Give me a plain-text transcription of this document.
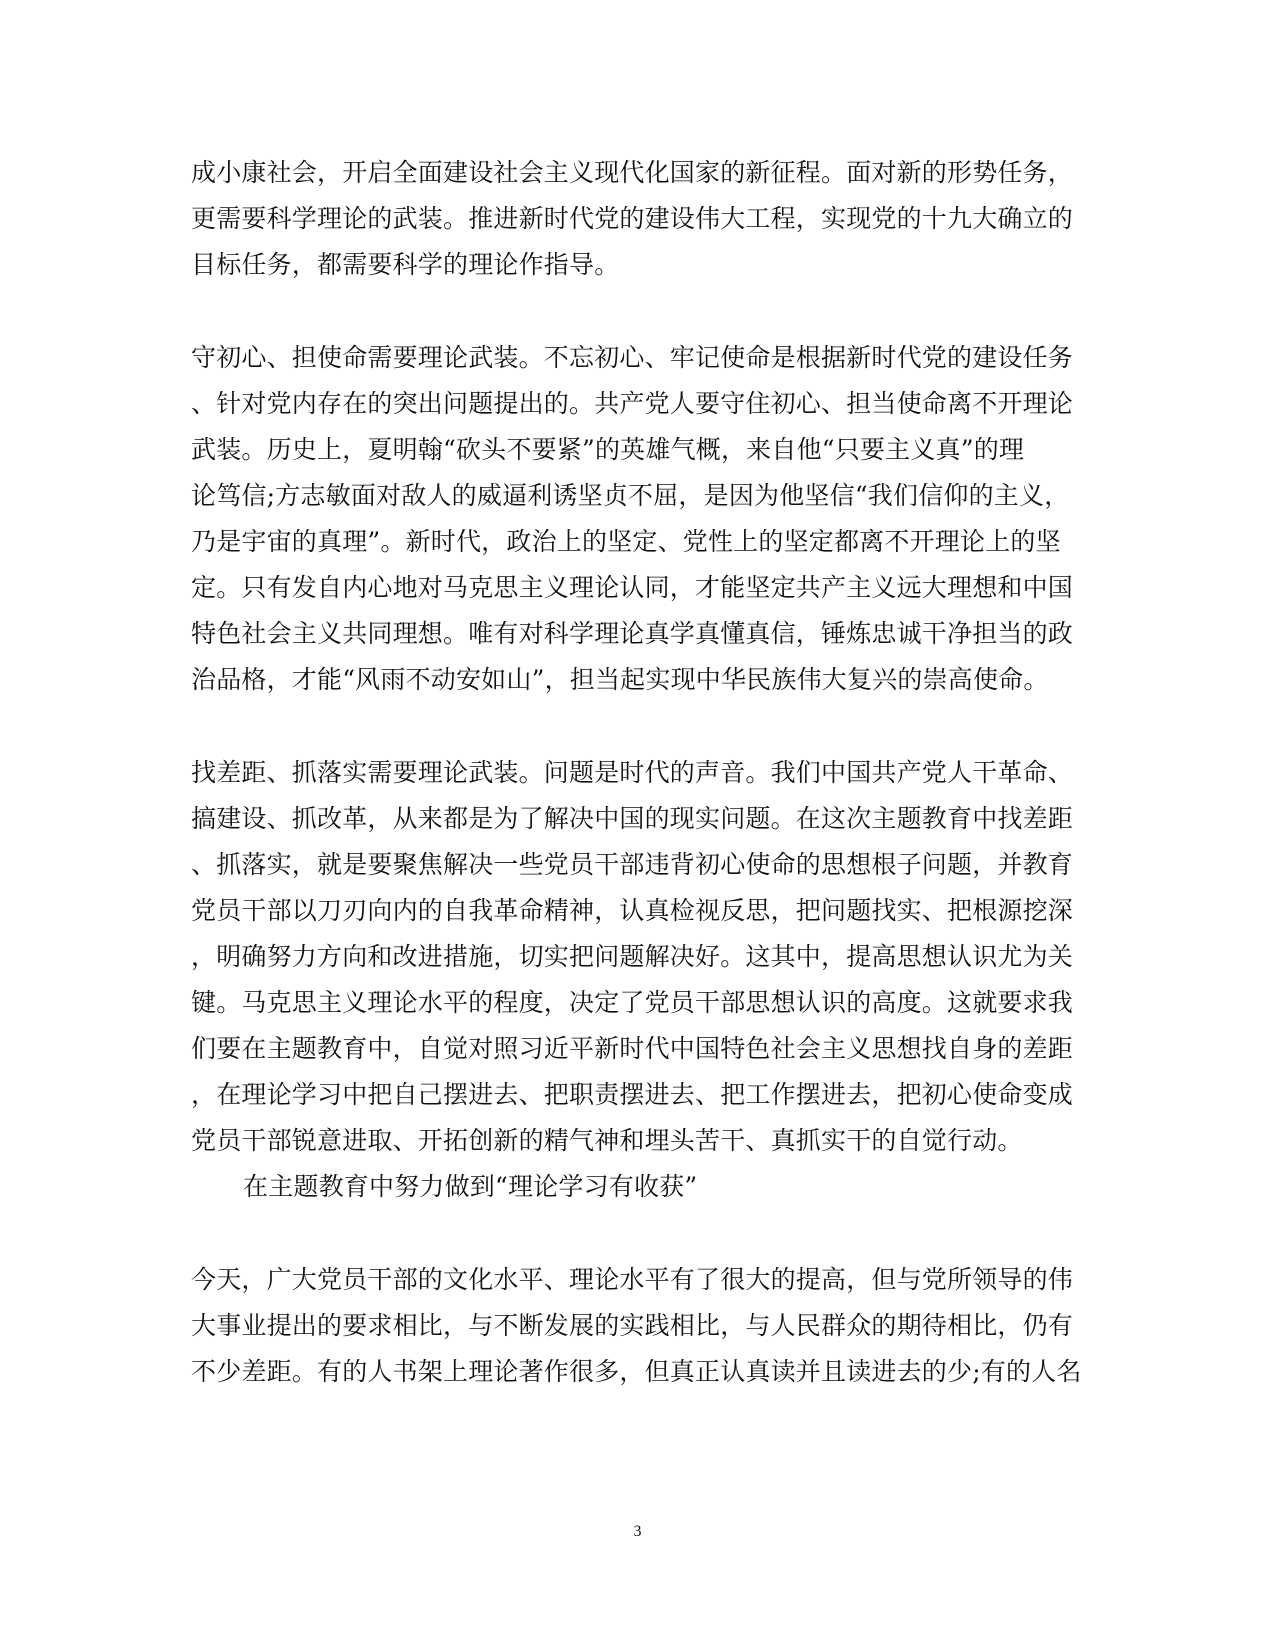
成小康社会，开启全面建设社会主义现代化国家的新征程。面对新的形势任务，
更需要科学理论的武装。推进新时代党的建设伟大工程，实现党的十九大确立的
目标任务，都需要科学的理论作指导。
守初心、担使命需要理论武装。不忘初心、牢记使命是根据新时代党的建设任务
、针对党内存在的突出问题提出的。共产党人要守住初心、担当使命离不开理论
武装。历史上，夏明翰“砍头不要紧”的英雄气概，来自他“只要主义真”的理
论笃信;方志敏面对敌人的威逼利诱坚贞不屈，是因为他坚信“我们信仰的主义，
乃是宇宙的真理”。新时代，政治上的坚定、党性上的坚定都离不开理论上的坚
定。只有发自内心地对马克思主义理论认同，才能坚定共产主义远大理想和中国
特色社会主义共同理想。唯有对科学理论真学真懂真信，锤炼忠诚干净担当的政
治品格，才能“风雨不动安如山”，担当起实现中华民族伟大复兴的崇高使命。
找差距、抓落实需要理论武装。问题是时代的声音。我们中国共产党人干革命、
搞建设、抓改革，从来都是为了解决中国的现实问题。在这次主题教育中找差距
、抓落实，就是要聚焦解决一些党员干部违背初心使命的思想根子问题，并教育
党员干部以刀刃向内的自我革命精神，认真检视反思，把问题找实、把根源挖深
，明确努力方向和改进措施，切实把问题解决好。这其中，提高思想认识尤为关
键。马克思主义理论水平的程度，决定了党员干部思想认识的高度。这就要求我
们要在主题教育中，自觉对照习近平新时代中国特色社会主义思想找自身的差距
，在理论学习中把自己摆进去、把职责摆进去、把工作摆进去，把初心使命变成
党员干部锐意进取、开拓创新的精气神和埋头苦干、真抓实干的自觉行动。
在主题教育中努力做到“理论学习有收获”
今天，广大党员干部的文化水平、理论水平有了很大的提高，但与党所领导的伟
大事业提出的要求相比，与不断发展的实践相比，与人民群众的期待相比，仍有
不少差距。有的人书架上理论著作很多，但真正认真读并且读进去的少;有的人名
3
